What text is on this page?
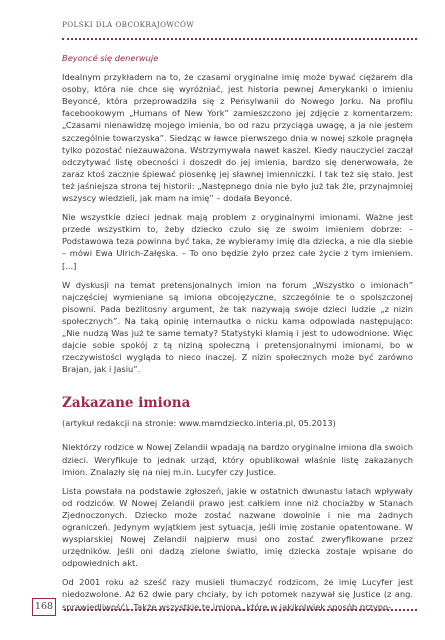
POLSKI DLA OBCOKRAJOWCÓW

Beyoncé się denerwuje

Idealnym przykładem na to, że czasami oryginalne imię może bywać ciężarem dla osoby, która nie chce się wyróżniać, jest historia pewnej Amerykanki o imieniu Beyoncé, która przeprowadziła się z Pensylwanii do Nowego Jorku. Na profilu facebookowym „Humans of New York” zamieszczono jej zdjęcie z komentarzem: „Czasami nienawidzę mojego imienia, bo od razu przyciąga uwagę, a ja nie jestem szczególnie towarzyska”. Siedząc w ławce pierwszego dnia w nowej szkole pragnęła tylko pozostać niezauważona. Wstrzymywała nawet kaszel. Kiedy nauczyciel zaczął odczytywać listę obecności i doszedł do jej imienia, bardzo się denerwowała, że zaraz ktoś zacznie śpiewać piosenkę jej sławnej imienniczki. I tak też się stało. Jest też jaśniejsza strona tej historii: „Następnego dnia nie było już tak źle, przynajmniej wszyscy wiedzieli, jak mam na imię” – dodała Beyoncé.

Nie wszystkie dzieci jednak mają problem z oryginalnymi imionami. Ważne jest przede wszystkim to, żeby dziecko czuło się ze swoim imieniem dobrze: – Podstawowa teza powinna być taka, że wybieramy imię dla dziecka, a nie dla siebie – mówi Ewa Ulrich-Załęska. – To ono będzie żyło przez całe życie z tym imieniem. [...]

W dyskusji na temat pretensjonalnych imion na forum „Wszystko o imionach” najczęściej wymieniane są imiona obcojęzyczne, szczególnie te o spolszczonej pisowni. Pada bezlitosny argument, że tak nazywają swoje dzieci ludzie „z nizin społecznych”. Na taką opinię internautka o nicku kama odpowiada następująco: „Nie nudzą Was już te same tematy? Statystyki kłamią i jest to udowodnione. Więc dajcie sobie spokój z tą niziną społeczną i pretensjonalnymi imionami, bo w rzeczywistości wygląda to nieco inaczej. Z nizin społecznych może być zarówno Brajan, jak i Jasiu”.

Zakazane imiona

(artykuł redakcji na stronie: www.mamdziecko.interia.pl, 05.2013)

Niektórzy rodzice w Nowej Zelandii wpadają na bardzo oryginalne imiona dla swoich dzieci. Weryfikuje to jednak urząd, który opublikował właśnie listę zakazanych imion. Znalazły się na niej m.in. Lucyfer czy Justice.

Lista powstała na podstawie zgłoszeń, jakie w ostatnich dwunastu latach wpływały od rodziców. W Nowej Zelandii prawo jest całkiem inne niż chociażby w Stanach Zjednoczonych. Dziecko może zostać nazwane dowolnie i nie ma żadnych ograniczeń. Jedynym wyjątkiem jest sytuacja, jeśli imię zostanie opatentowane. W wyspiarskiej Nowej Zelandii najpierw musi ono zostać zweryfikowane przez urzędników. Jeśli oni dadzą zielone światło, imię dziecka zostaje wpisane do odpowiednich akt.

Od 2001 roku aż sześć razy musieli tłumaczyć rodzicom, że imię Lucyfer jest niedozwolone. Aż 62 dwie pary chciały, by ich potomek nazywał się Justice (z ang. sprawiedliwość). Także wszystkie te imiona, które w jakikolwiek sposób przypo-

168
